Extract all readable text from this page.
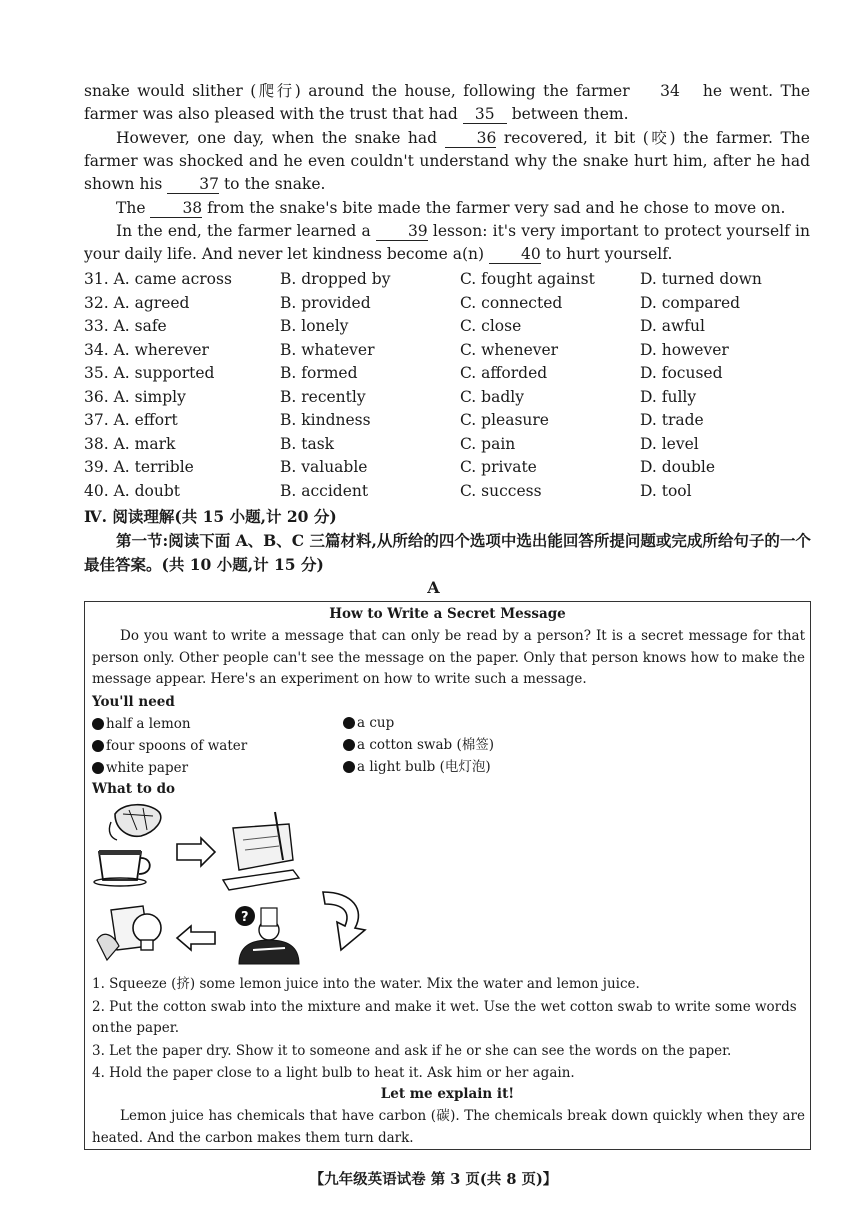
snake would slither (爬行) around the house, following the farmer 34 he went. The farmer was also pleased with the trust that had 35 between them.

However, one day, when the snake had	36 recovered, it bit (咬) the farmer. The farmer was shocked and he even couldn't understand why the snake hurt him, after he had shown his 37 to the snake.

The 38 from the snake's bite made the farmer very sad and he chose to move on.

In the end, the farmer learned a 39 lesson: it's very important to protect yourself in your daily life. And never let kindness become a(n) 40 to hurt yourself.

31. A. came across	B. dropped by	C. fought against	D. turned down
32. A. agreed	B. provided	C. connected	D. compared
33. A. safe	B. lonely	C. close	D. awful
34. A. wherever	B. whatever	C. whenever	D. however
35. A. supported	B. formed	C. afforded	D. focused
36. A. simply	B. recently	C. badly	D. fully
37. A. effort	B. kindness	C. pleasure	D. trade
38. A. mark	B. task	C. pain	D. level
39. A. terrible	B. valuable	C. private	D. double
40. A. doubt	B. accident	C. success	D. tool
Ⅳ. 阅读理解(共 15 小题,计 20 分)
第一节:阅读下面 A、B、C 三篇材料,从所给的四个选项中选出能回答所提问题或完成所给句子的一个最佳答案。(共 10 小题,计 15 分)
A
How to Write a Secret Message

Do you want to write a message that can only be read by a person? It is a secret message for that person only. Other people can't see the message on the paper. Only that person knows how to make the message appear. Here's an experiment on how to write such a message.

You'll need
half a lemon
four spoons of water
white paper
a cup
a cotton swab (棉签)
a light bulb (电灯泡)
What to do
?

1. Squeeze (挤) some lemon juice into the water. Mix the water and lemon juice.

2. Put the cotton swab into the mixture and make it wet. Use the wet cotton swab to write some words on the paper.

3. Let the paper dry. Show it to someone and ask if he or she can see the words on the paper.

4. Hold the paper close to a light bulb to heat it. Ask him or her again.

Let me explain it!

Lemon juice has chemicals that have carbon (碳). The chemicals break down quickly when they are heated. And the carbon makes them turn dark.

【九年级英语试卷 第 3 页(共 8 页)】
